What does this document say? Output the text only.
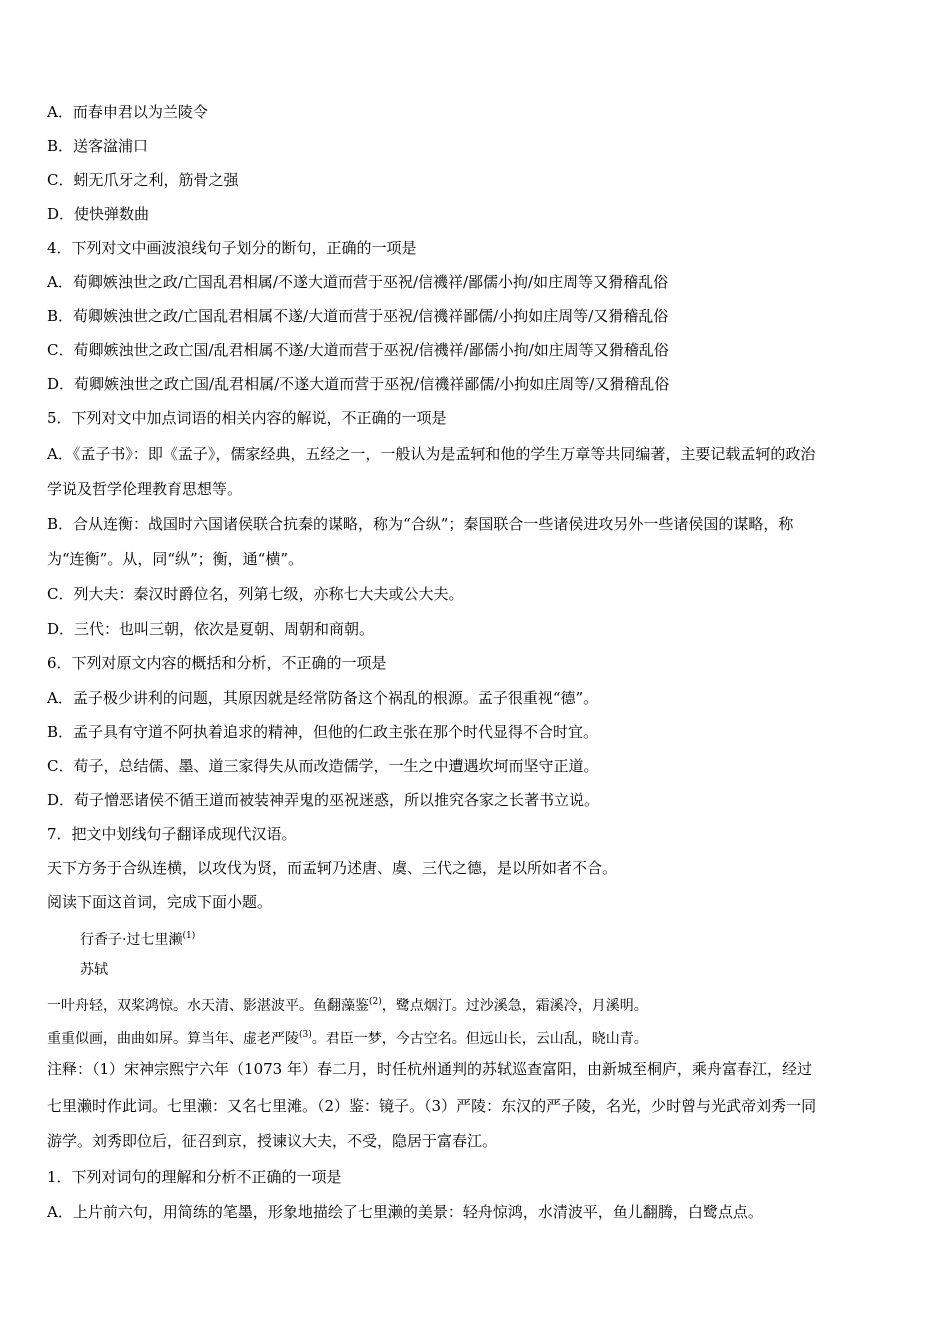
A．而春申君以为兰陵令
B．送客湓浦口
C．蚓无爪牙之利，筋骨之强
D．使快弹数曲
4．下列对文中画波浪线句子划分的断句，正确的一项是
A．荀卿嫉浊世之政/亡国乱君相属/不遂大道而营于巫祝/信禨祥/鄙儒小拘/如庄周等又猾稽乱俗
B．荀卿嫉浊世之政/亡国乱君相属不遂/大道而营于巫祝/信禨祥鄙儒/小拘如庄周等/又猾稽乱俗
C．荀卿嫉浊世之政亡国/乱君相属不遂/大道而营于巫祝/信禨祥/鄙儒小拘/如庄周等又猾稽乱俗
D．荀卿嫉浊世之政亡国/乱君相属/不遂大道而营于巫祝/信禨祥鄙儒/小拘如庄周等/又猾稽乱俗
5．下列对文中加点词语的相关内容的解说，不正确的一项是
A．《孟子书》：即《孟子》，儒家经典，五经之一，一般认为是孟轲和他的学生万章等共同编著，主要记载孟轲的政治
学说及哲学伦理教育思想等。
B．合从连衡：战国时六国诸侯联合抗秦的谋略，称为“合纵”；秦国联合一些诸侯进攻另外一些诸侯国的谋略，称
为“连衡”。从，同“纵”；衡，通“横”。
C．列大夫：秦汉时爵位名，列第七级，亦称七大夫或公大夫。
D．三代：也叫三朝，依次是夏朝、周朝和商朝。
6．下列对原文内容的概括和分析，不正确的一项是
A．孟子极少讲利的问题，其原因就是经常防备这个祸乱的根源。孟子很重视“德”。
B．孟子具有守道不阿执着追求的精神，但他的仁政主张在那个时代显得不合时宜。
C．荀子，总结儒、墨、道三家得失从而改造儒学，一生之中遭遇坎坷而坚守正道。
D．荀子憎恶诸侯不循王道而被装神弄鬼的巫祝迷惑，所以推究各家之长著书立说。
7．把文中划线句子翻译成现代汉语。
天下方务于合纵连横，以攻伐为贤，而孟轲乃述唐、虞、三代之德，是以所如者不合。
阅读下面这首词，完成下面小题。
行香子·过七里濑$^{(1)}$
苏轼
一叶舟轻，双桨鸿惊。水天清、影湛波平。鱼翻藻鉴$^{(2)}$，鹭点烟汀。过沙溪急，霜溪冷，月溪明。
重重似画，曲曲如屏。算当年、虚老严陵$^{(3)}$。君臣一梦，今古空名。但远山长，云山乱，晓山青。
注释：（1）宋神宗熙宁六年（1073 年）春二月，时任杭州通判的苏轼巡查富阳，由新城至桐庐，乘舟富春江，经过
七里濑时作此词。七里濑：又名七里滩。（2）鉴：镜子。（3）严陵：东汉的严子陵，名光，少时曾与光武帝刘秀一同
游学。刘秀即位后，征召到京，授谏议大夫，不受，隐居于富春江。
1．下列对词句的理解和分析不正确的一项是
A．上片前六句，用简练的笔墨，形象地描绘了七里濑的美景：轻舟惊鸿，水清波平，鱼儿翻腾，白鹭点点。
